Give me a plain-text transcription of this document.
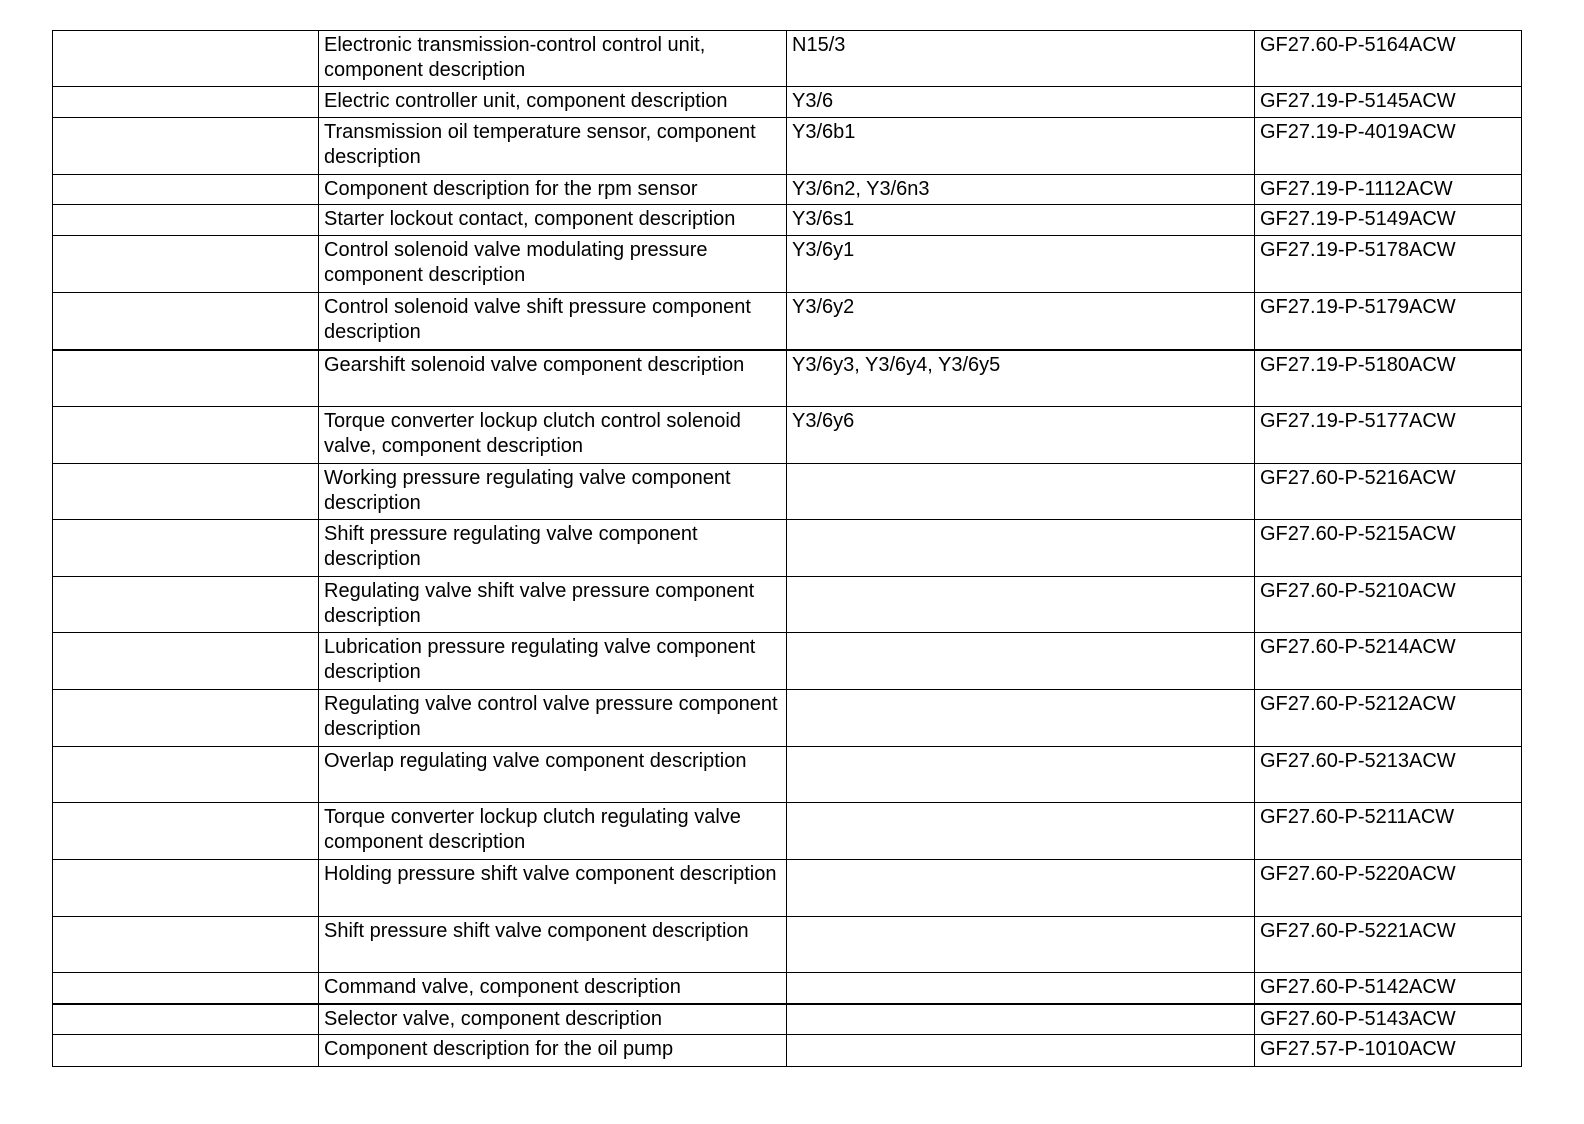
	Electronic transmission-control control unit, component description	N15/3	GF27.60-P-5164ACW
	Electric controller unit, component description	Y3/6	GF27.19-P-5145ACW
	Transmission oil temperature sensor, component description	Y3/6b1	GF27.19-P-4019ACW
	Component description for the rpm sensor	Y3/6n2, Y3/6n3	GF27.19-P-1112ACW
	Starter lockout contact, component description	Y3/6s1	GF27.19-P-5149ACW
	Control solenoid valve modulating pressure component description	Y3/6y1	GF27.19-P-5178ACW
	Control solenoid valve shift pressure component description	Y3/6y2	GF27.19-P-5179ACW
	Gearshift solenoid valve component description	Y3/6y3, Y3/6y4, Y3/6y5	GF27.19-P-5180ACW
	Torque converter lockup clutch control solenoid valve, component description	Y3/6y6	GF27.19-P-5177ACW
	Working pressure regulating valve component description		GF27.60-P-5216ACW
	Shift pressure regulating valve component description		GF27.60-P-5215ACW
	Regulating valve shift valve pressure component description		GF27.60-P-5210ACW
	Lubrication pressure regulating valve component description		GF27.60-P-5214ACW
	Regulating valve control valve pressure component description		GF27.60-P-5212ACW
	Overlap regulating valve component description		GF27.60-P-5213ACW
	Torque converter lockup clutch regulating valve component description		GF27.60-P-5211ACW
	Holding pressure shift valve component description		GF27.60-P-5220ACW
	Shift pressure shift valve component description		GF27.60-P-5221ACW
	Command valve, component description		GF27.60-P-5142ACW
	Selector valve, component description		GF27.60-P-5143ACW
	Component description for the oil pump		GF27.57-P-1010ACW
